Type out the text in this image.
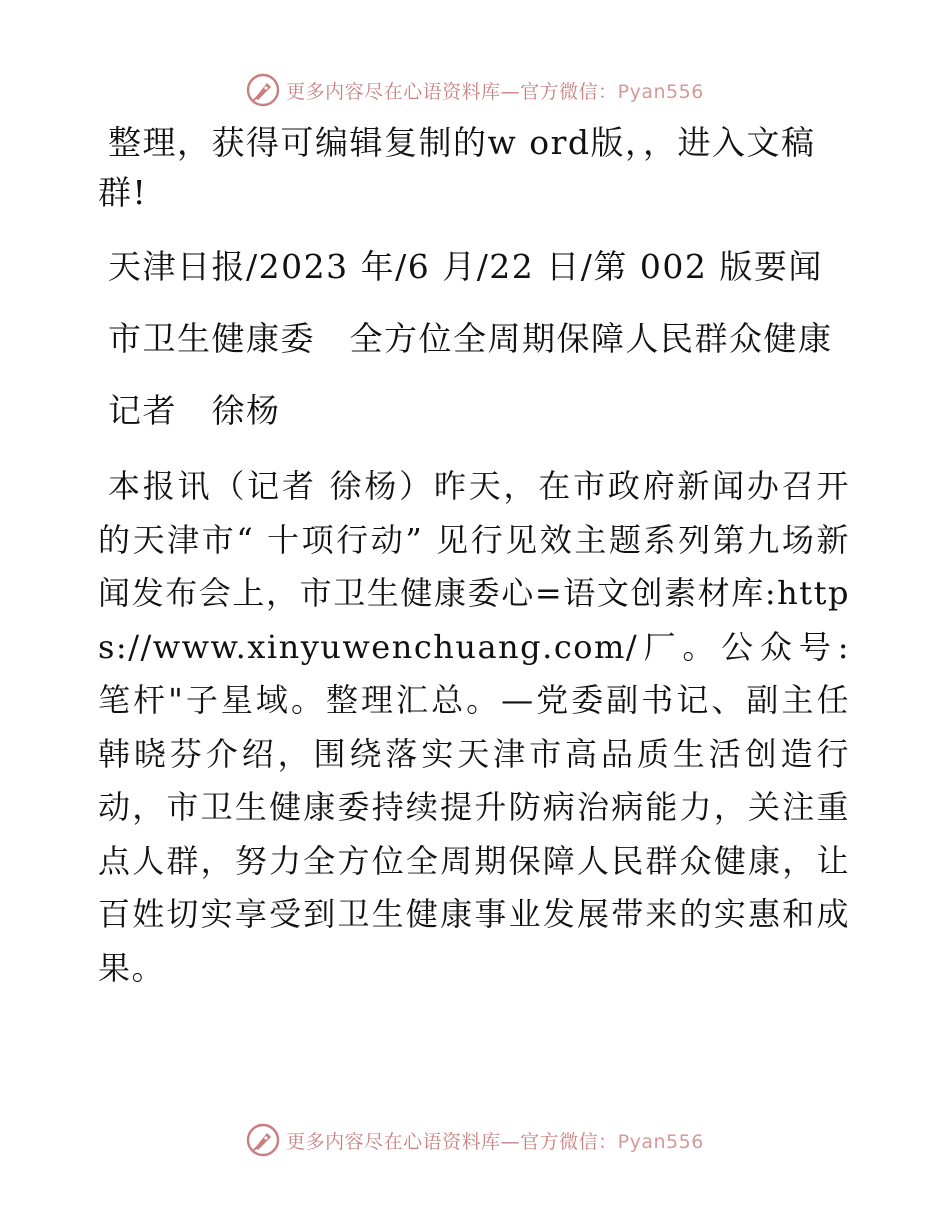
更多内容尽在心语资料库—官方微信：Pyan556

整理，获得可编辑复制的w ord版，，进入文稿群!

天津日报/2023 年/6 月/22 日/第 002 版要闻

市卫生健康委　全方位全周期保障人民群众健康

记者　徐杨

本报讯（记者 徐杨）昨天，在市政府新闻办召开的天津市“ 十项行动” 见行见效主题系列第九场新闻发布会上，市卫生健康委心=语文创素材库:https://www.xinyuwenchuang.com/厂。公众号: 笔杆"子星域。整理汇总。—党委副书记、副主任韩晓芬介绍，围绕落实天津市高品质生活创造行动，市卫生健康委持续提升防病治病能力，关注重点人群，努力全方位全周期保障人民群众健康，让百姓切实享受到卫生健康事业发展带来的实惠和成果。

更多内容尽在心语资料库—官方微信：Pyan556
